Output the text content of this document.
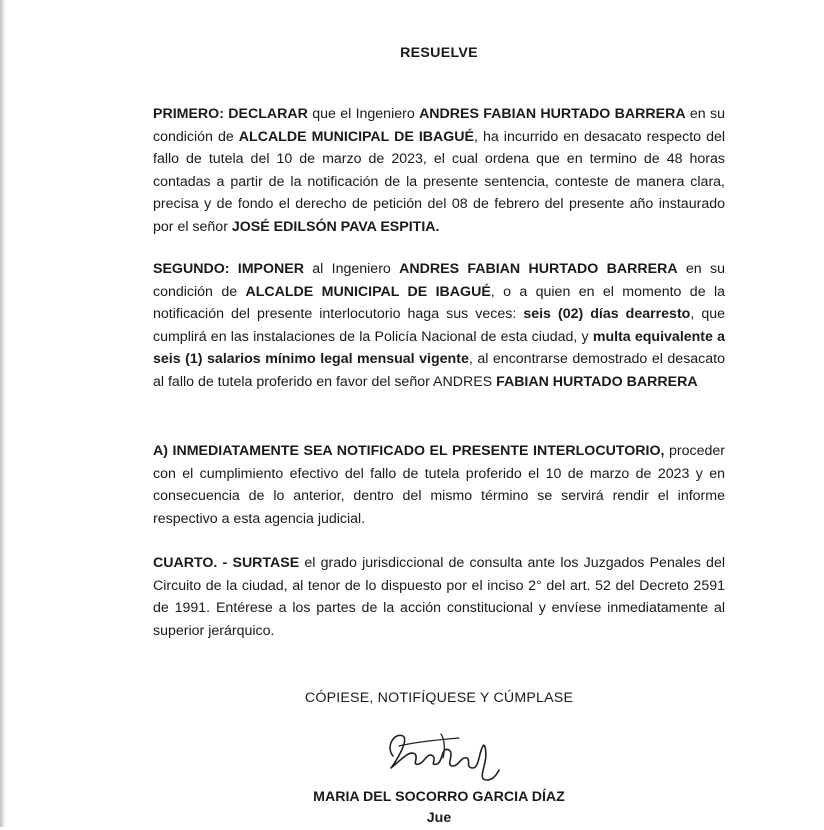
RESUELVE

PRIMERO: DECLARAR que el Ingeniero ANDRES FABIAN HURTADO BARRERA en su condición de ALCALDE MUNICIPAL DE IBAGUÉ, ha incurrido en desacato respecto del fallo de tutela del 10 de marzo de 2023, el cual ordena que en termino de 48 horas contadas a partir de la notificación de la presente sentencia, conteste de manera clara, precisa y de fondo el derecho de petición del 08 de febrero del presente año instaurado por el señor JOSÉ EDILSÓN PAVA ESPITIA.

SEGUNDO: IMPONER al Ingeniero ANDRES FABIAN HURTADO BARRERA en su condición de ALCALDE MUNICIPAL DE IBAGUÉ, o a quien en el momento de la notificación del presente interlocutorio haga sus veces: seis (02) días dearresto, que cumplirá en las instalaciones de la Policía Nacional de esta ciudad, y multa equivalente a seis (1) salarios mínimo legal mensual vigente, al encontrarse demostrado el desacato al fallo de tutela proferido en favor del señor ANDRES FABIAN HURTADO BARRERA

A) INMEDIATAMENTE SEA NOTIFICADO EL PRESENTE INTERLOCUTORIO, proceder con el cumplimiento efectivo del fallo de tutela proferido el 10 de marzo de 2023 y en consecuencia de lo anterior, dentro del mismo término se servirá rendir el informe respectivo a esta agencia judicial.

CUARTO. - SURTASE el grado jurisdiccional de consulta ante los Juzgados Penales del Circuito de la ciudad, al tenor de lo dispuesto por el inciso 2° del art. 52 del Decreto 2591 de 1991. Entérese a los partes de la acción constitucional y envíese inmediatamente al superior jerárquico.

CÓPIESE, NOTIFÍQUESE Y CÚMPLASE
MARIA DEL SOCORRO GARCIA DÍAZ
Jue
